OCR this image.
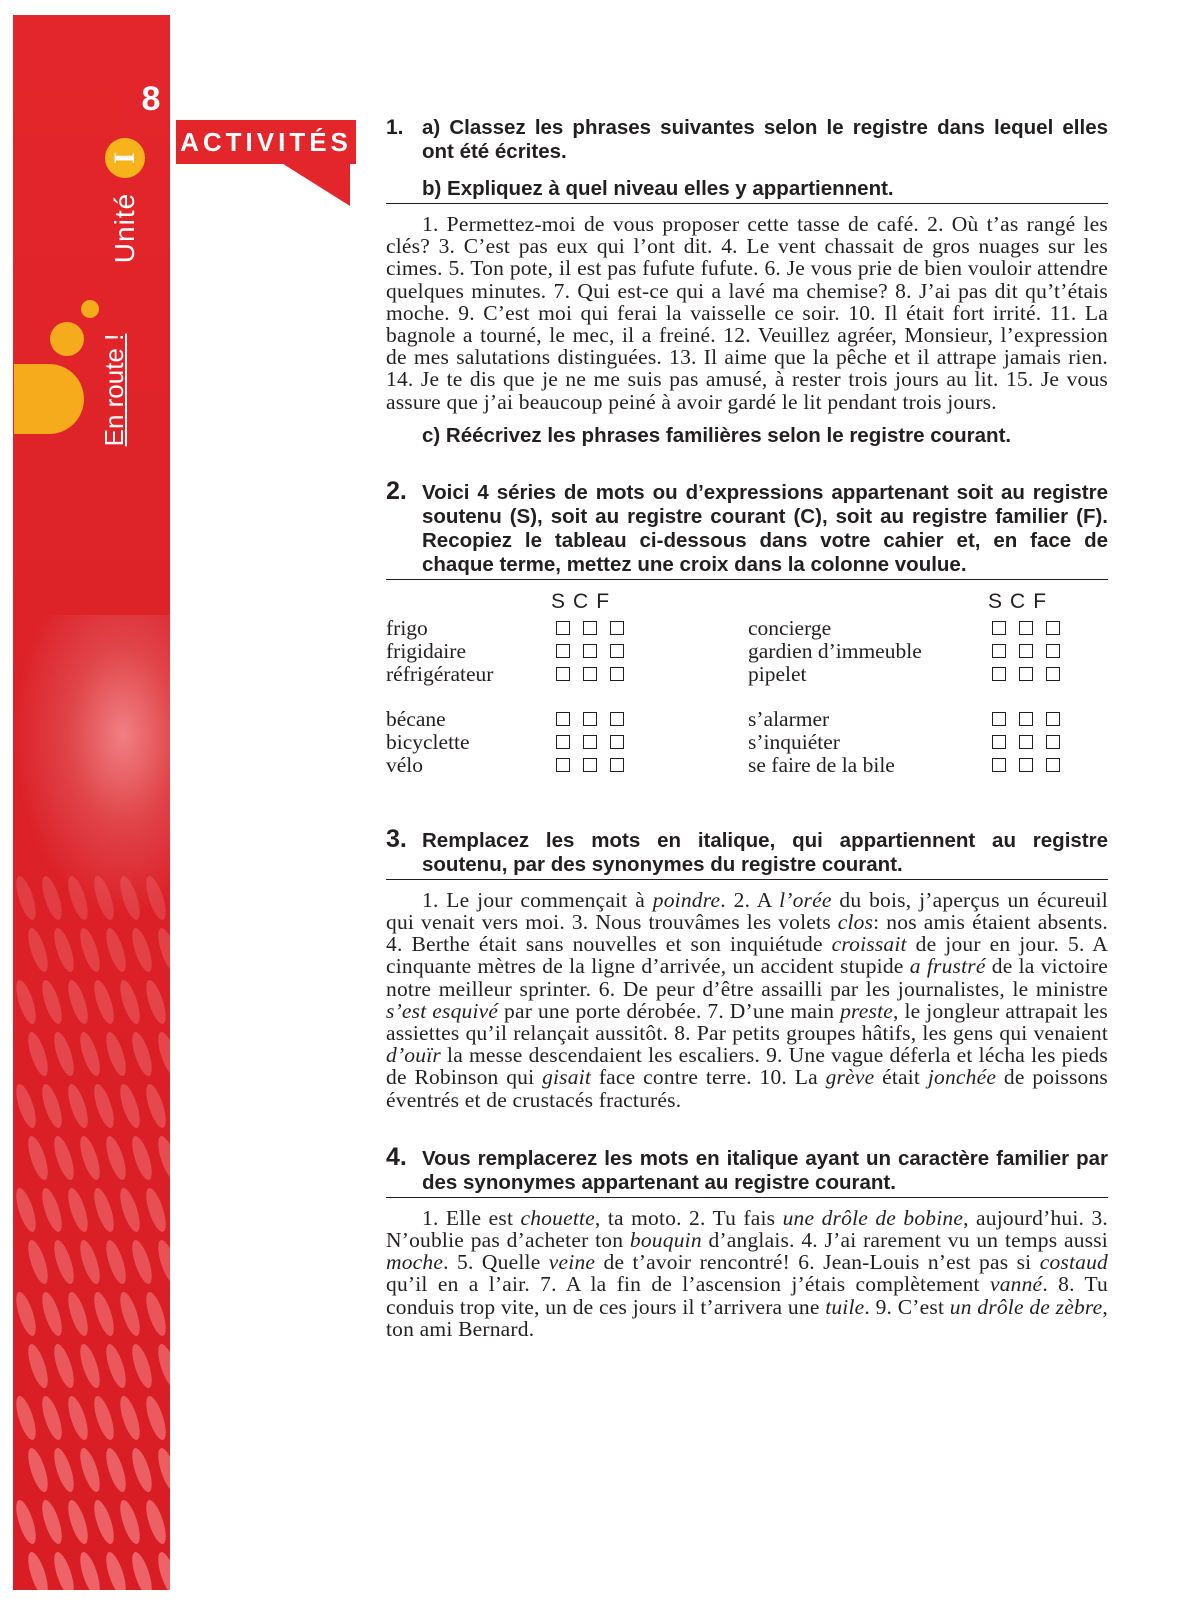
8
I
Unité
En route !
ACTIVITÉS 1. a) Classez les phrases suivantes selon le registre dans lequel elles ont été écrites.
b) Expliquez à quel niveau elles y appartiennent.

1. Permettez-moi de vous proposer cette tasse de café. 2. Où t’as rangé les clés? 3. C’est pas eux qui l’ont dit. 4. Le vent chassait de gros nuages sur les cimes. 5. Ton pote, il est pas fufute fufute. 6. Je vous prie de bien vouloir attendre quelques minutes. 7. Qui est-ce qui a lavé ma chemise? 8. J’ai pas dit qu’t’étais moche. 9. C’est moi qui ferai la vaisselle ce soir. 10. Il était fort irrité. 11. La bagnole a tourné, le mec, il a freiné. 12. Veuillez agréer, Monsieur, l’expression de mes salutations distinguées. 13. Il aime que la pêche et il attrape jamais rien. 14. Je te dis que je ne me suis pas amusé, à rester trois jours au lit. 15. Je vous assure que j’ai beaucoup peiné à avoir gardé le lit pendant trois jours.

c) Réécrivez les phrases familières selon le registre courant.
2. Voici 4 séries de mots ou d’expressions appartenant soit au registre soutenu (S), soit au registre courant (C), soit au registre familier (F). Recopiez le tableau ci-dessous dans votre cahier et, en face de chaque terme, mettez une croix dans la colonne voulue.
SCF	SCF
frigo	concierge
frigidaire	gardien d’immeuble
réfrigérateur	pipelet
bécane	s’alarmer
bicyclette	s’inquiéter
vélo	se faire de la bile
3. Remplacez les mots en italique, qui appartiennent au registre soutenu, par des synonymes du registre courant.

1. Le jour commençait à poindre. 2. A l’orée du bois, j’aperçus un écureuil qui venait vers moi. 3. Nous trouvâmes les volets clos: nos amis étaient absents. 4. Berthe était sans nouvelles et son inquiétude croissait de jour en jour. 5. A cinquante mètres de la ligne d’arrivée, un accident stupide a frustré de la victoire notre meilleur sprinter. 6. De peur d’être assailli par les journalistes, le ministre s’est esquivé par une porte dérobée. 7. D’une main preste, le jongleur attrapait les assiettes qu’il relançait aussitôt. 8. Par petits groupes hâtifs, les gens qui venaient d’ouïr la messe descendaient les escaliers. 9. Une vague déferla et lécha les pieds de Robinson qui gisait face contre terre. 10. La grève était jonchée de poissons éventrés et de crustacés fracturés.

4. Vous remplacerez les mots en italique ayant un caractère familier par des synonymes appartenant au registre courant.

1. Elle est chouette, ta moto. 2. Tu fais une drôle de bobine, aujourd’hui. 3. N’oublie pas d’acheter ton bouquin d’anglais. 4. J’ai rarement vu un temps aussi moche. 5. Quelle veine de t’avoir rencontré! 6. Jean-Louis n’est pas si costaud qu’il en a l’air. 7. A la fin de l’ascension j’étais complètement vanné. 8. Tu conduis trop vite, un de ces jours il t’arrivera une tuile. 9. C’est un drôle de zèbre, ton ami Bernard.
